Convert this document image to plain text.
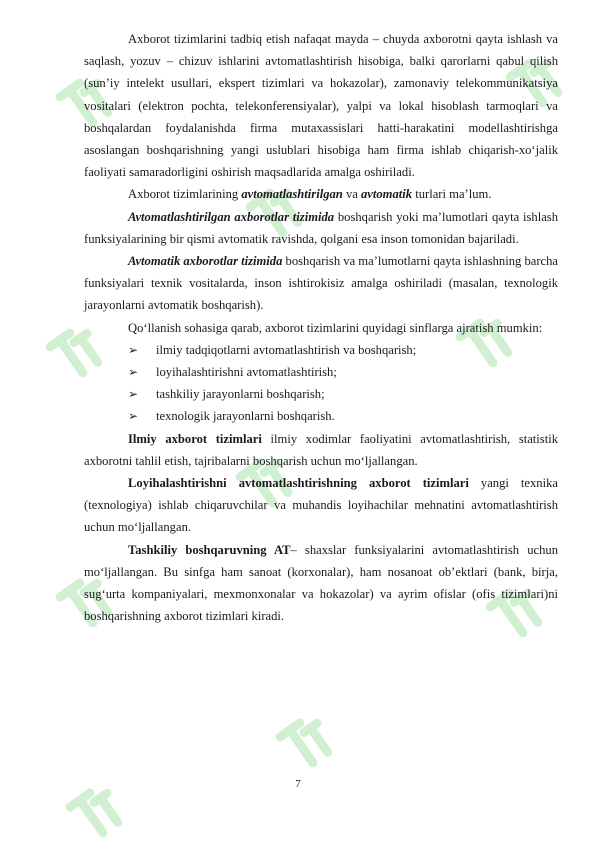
Axborot tizimlarini tadbiq etish nafaqat mayda – chuyda axborotni qayta ishlash va saqlash, yozuv – chizuv ishlarini avtomatlashtirish hisobiga, balki qarorlarni qabul qilish (sun’iy intelekt usullari, ekspert tizimlari va hokazolar), zamonaviy telekommunikatsiya vositalari (elektron pochta, telekonferensiyalar), yalpi va lokal hisoblash tarmoqlari va boshqalardan foydalanishda firma mutaxassislari hatti-harakatini modellashtirishga asoslangan boshqarishning yangi uslublari hisobiga ham firma ishlab chiqarish-xo‘jalik faoliyati samaradorligini oshirish maqsadlarida amalga oshiriladi.

Axborot tizimlarining avtomatlashtirilgan va avtomatik turlari ma’lum.

Avtomatlashtirilgan axborotlar tizimida boshqarish yoki ma’lumotlari qayta ishlash funksiyalarining bir qismi avtomatik ravishda, qolgani esa inson tomonidan bajariladi.

Avtomatik axborotlar tizimida boshqarish va ma’lumotlarni qayta ishlashning barcha funksiyalari texnik vositalarda, inson ishtirokisiz amalga oshiriladi (masalan, texnologik jarayonlarni avtomatik boshqarish).

Qo‘llanish sohasiga qarab, axborot tizimlarini quyidagi sinflarga ajratish mumkin:

➢ ilmiy tadqiqotlarni avtomatlashtirish va boshqarish;
➢ loyihalashtirishni avtomatlashtirish;
➢ tashkiliy jarayonlarni boshqarish;
➢ texnologik jarayonlarni boshqarish.

Ilmiy axborot tizimlari ilmiy xodimlar faoliyatini avtomatlashtirish, statistik axborotni tahlil etish, tajribalarni boshqarish uchun mo‘ljallangan.

Loyihalashtirishni avtomatlashtirishning axborot tizimlari yangi texnika (texnologiya) ishlab chiqaruvchilar va muhandis loyihachilar mehnatini avtomatlashtirish uchun mo‘ljallangan.

Tashkiliy boshqaruvning AT– shaxslar funksiyalarini avtomatlashtirish uchun mo‘ljallangan. Bu sinfga ham sanoat (korxonalar), ham nosanoat ob’ektlari (bank, birja, sug‘urta kompaniyalari, mexmonxonalar va hokazolar) va ayrim ofislar (ofis tizimlari)ni boshqarishning axborot tizimlari kiradi.

7
